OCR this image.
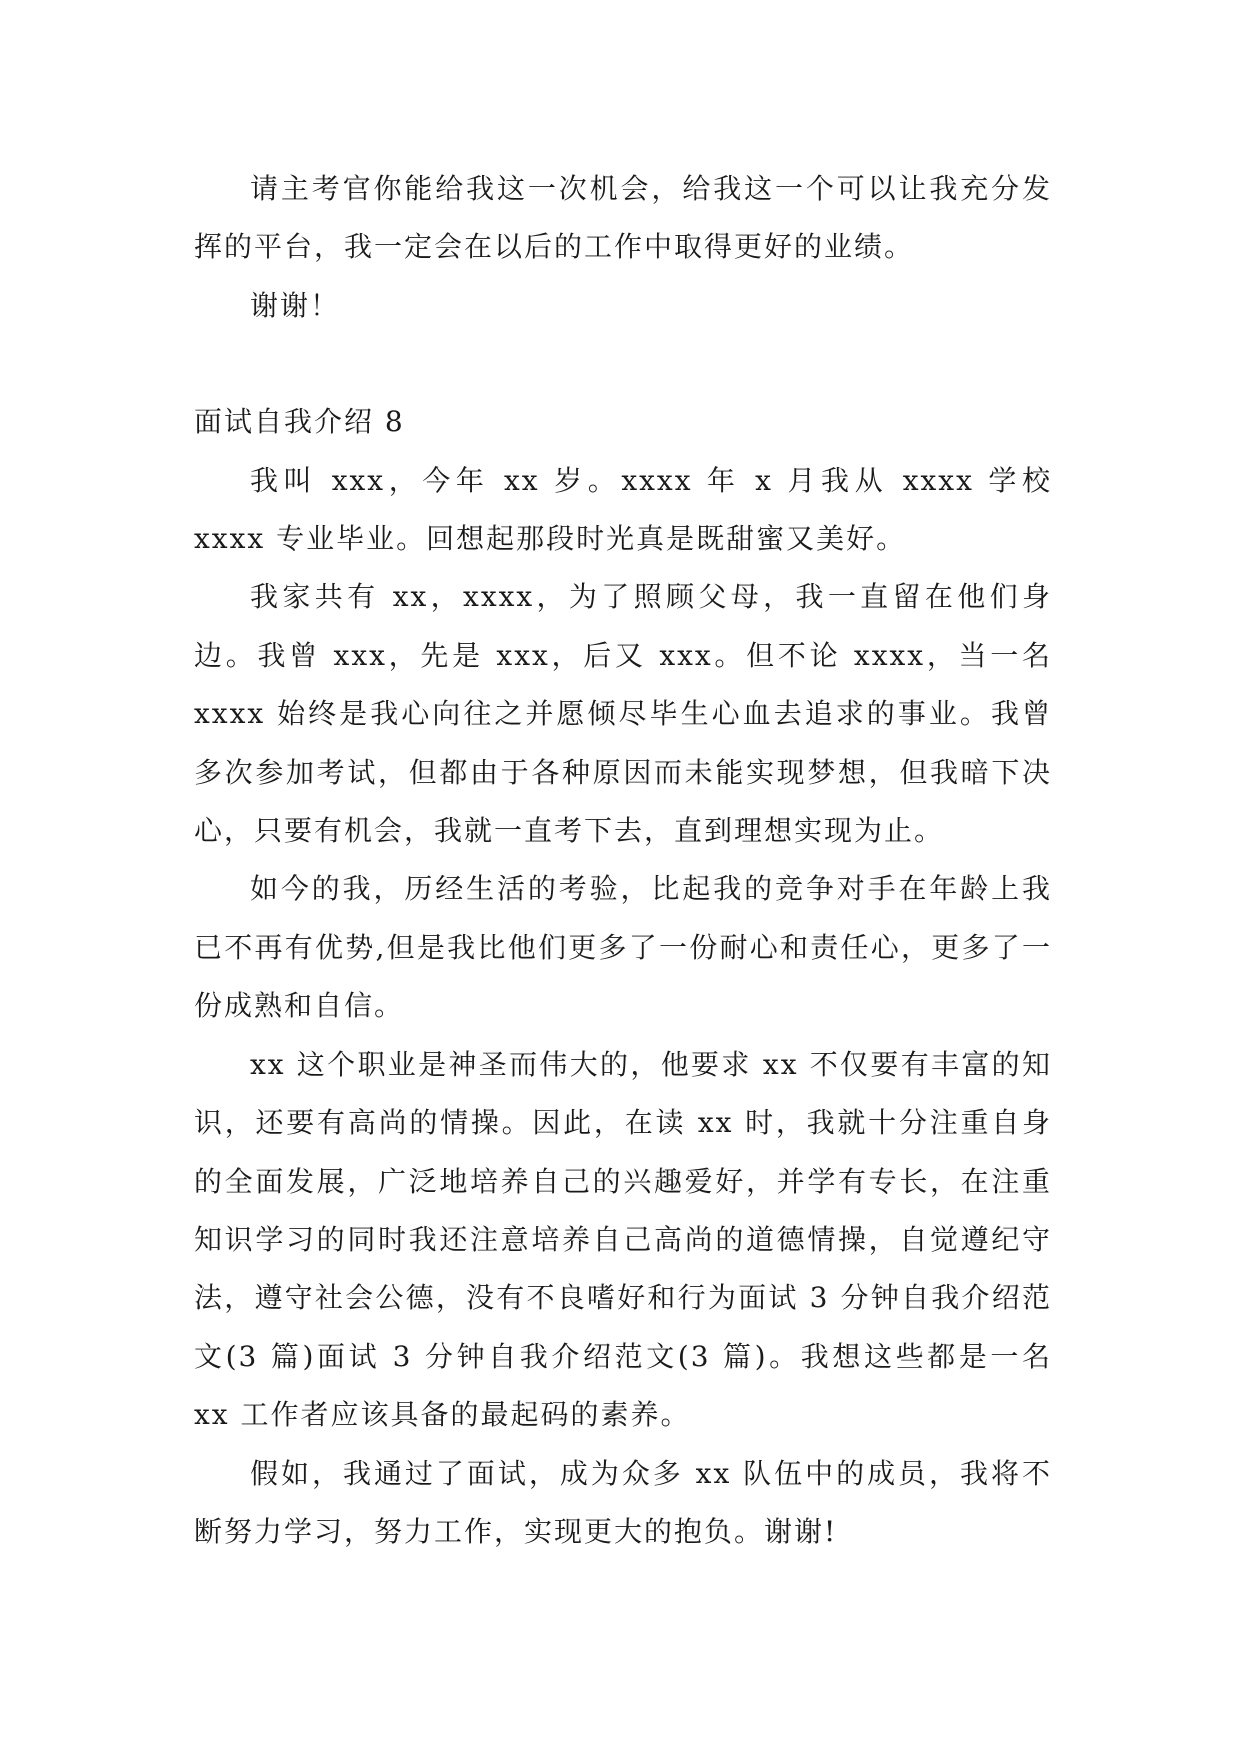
请主考官你能给我这一次机会，给我这一个可以让我充分发挥的平台，我一定会在以后的工作中取得更好的业绩。

谢谢！

面试自我介绍 8

我叫 xxx，今年 xx 岁。xxxx 年 x 月我从 xxxx 学校 xxxx 专业毕业。回想起那段时光真是既甜蜜又美好。

我家共有 xx，xxxx，为了照顾父母，我一直留在他们身边。我曾 xxx，先是 xxx，后又 xxx。但不论 xxxx，当一名 xxxx 始终是我心向往之并愿倾尽毕生心血去追求的事业。我曾多次参加考试，但都由于各种原因而未能实现梦想，但我暗下决心，只要有机会，我就一直考下去，直到理想实现为止。

如今的我，历经生活的考验，比起我的竞争对手在年龄上我已不再有优势,但是我比他们更多了一份耐心和责任心，更多了一份成熟和自信。

xx 这个职业是神圣而伟大的，他要求 xx 不仅要有丰富的知识，还要有高尚的情操。因此，在读 xx 时，我就十分注重自身的全面发展，广泛地培养自己的兴趣爱好，并学有专长，在注重知识学习的同时我还注意培养自己高尚的道德情操，自觉遵纪守法，遵守社会公德，没有不良嗜好和行为面试 3 分钟自我介绍范文(3 篇)面试 3 分钟自我介绍范文(3 篇)。我想这些都是一名 xx 工作者应该具备的最起码的素养。

假如，我通过了面试，成为众多 xx 队伍中的成员，我将不断努力学习，努力工作，实现更大的抱负。谢谢!
